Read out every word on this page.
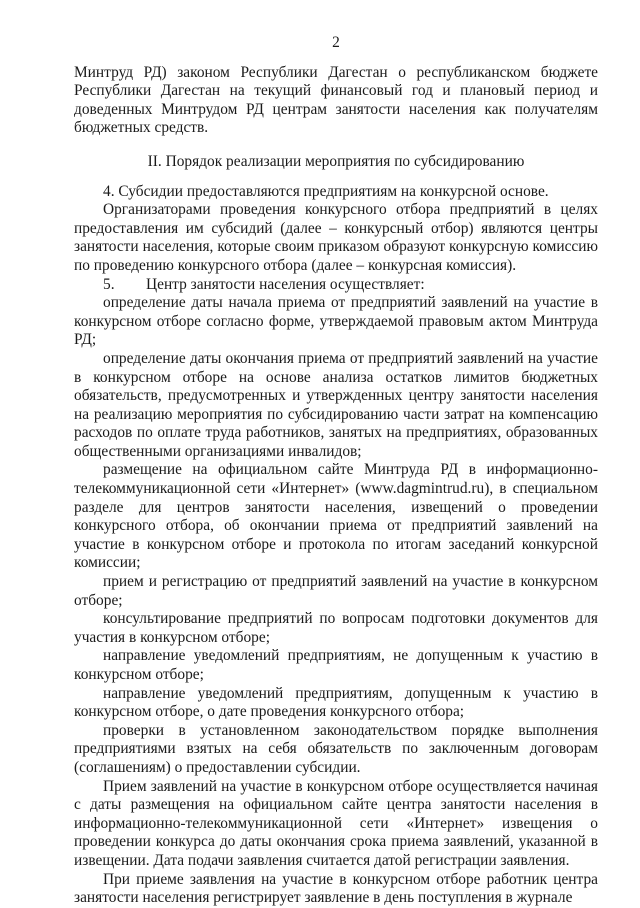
2

Минтруд РД) законом Республики Дагестан о республиканском бюджете Республики Дагестан на текущий финансовый год и плановый период и доведенных Минтрудом РД центрам занятости населения как получателям бюджетных средств.

II. Порядок реализации мероприятия по субсидированию

4. Субсидии предоставляются предприятиям на конкурсной основе.

Организаторами проведения конкурсного отбора предприятий в целях предоставления им субсидий (далее – конкурсный отбор) являются центры занятости населения, которые своим приказом образуют конкурсную комиссию по проведению конкурсного отбора (далее – конкурсная комиссия).

5. Центр занятости населения осуществляет:

определение даты начала приема от предприятий заявлений на участие в конкурсном отборе согласно форме, утверждаемой правовым актом Минтруда РД;

определение даты окончания приема от предприятий заявлений на участие в конкурсном отборе на основе анализа остатков лимитов бюджетных обязательств, предусмотренных и утвержденных центру занятости населения на реализацию мероприятия по субсидированию части затрат на компенсацию расходов по оплате труда работников, занятых на предприятиях, образованных общественными организациями инвалидов;

размещение на официальном сайте Минтруда РД в информационно-телекоммуникационной сети «Интернет» (www.dagmintrud.ru), в специальном разделе для центров занятости населения, извещений о проведении конкурсного отбора, об окончании приема от предприятий заявлений на участие в конкурсном отборе и протокола по итогам заседаний конкурсной комиссии;

прием и регистрацию от предприятий заявлений на участие в конкурсном отборе;

консультирование предприятий по вопросам подготовки документов для участия в конкурсном отборе;

направление уведомлений предприятиям, не допущенным к участию в конкурсном отборе;

направление уведомлений предприятиям, допущенным к участию в конкурсном отборе, о дате проведения конкурсного отбора;

проверки в установленном законодательством порядке выполнения предприятиями взятых на себя обязательств по заключенным договорам (соглашениям) о предоставлении субсидии.

Прием заявлений на участие в конкурсном отборе осуществляется начиная с даты размещения на официальном сайте центра занятости населения в информационно-телекоммуникационной сети «Интернет» извещения о проведении конкурса до даты окончания срока приема заявлений, указанной в извещении. Дата подачи заявления считается датой регистрации заявления.

При приеме заявления на участие в конкурсном отборе работник центра занятости населения регистрирует заявление в день поступления в журнале
